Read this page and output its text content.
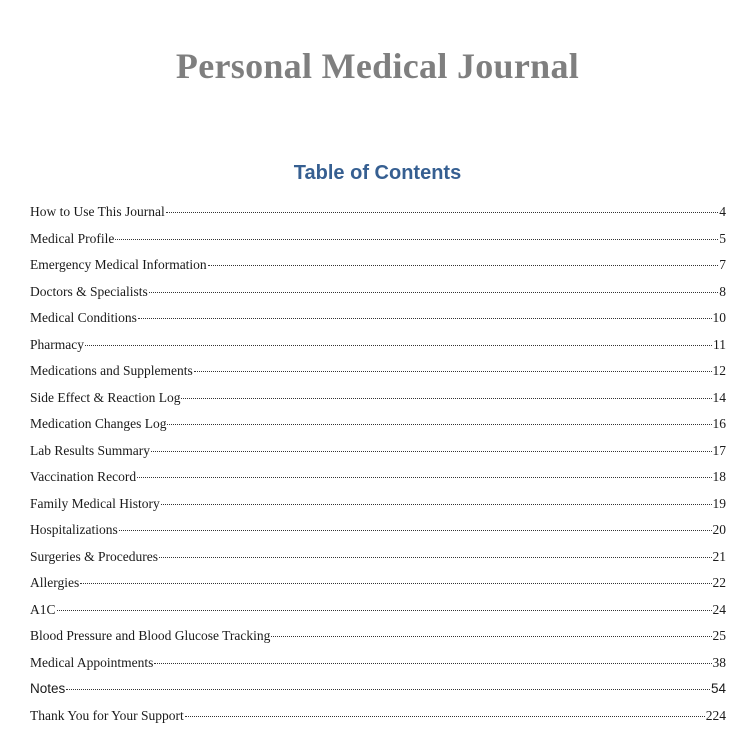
Personal Medical Journal
Table of Contents
How to Use This Journal	4
Medical Profile	5
Emergency Medical Information	7
Doctors & Specialists	8
Medical Conditions	10
Pharmacy	11
Medications and Supplements	12
Side Effect & Reaction Log	14
Medication Changes Log	16
Lab Results Summary	17
Vaccination Record	18
Family Medical History	19
Hospitalizations	20
Surgeries & Procedures	21
Allergies	22
A1C	24
Blood Pressure and Blood Glucose Tracking	25
Medical Appointments	38
Notes	54
Thank You for Your Support	224
